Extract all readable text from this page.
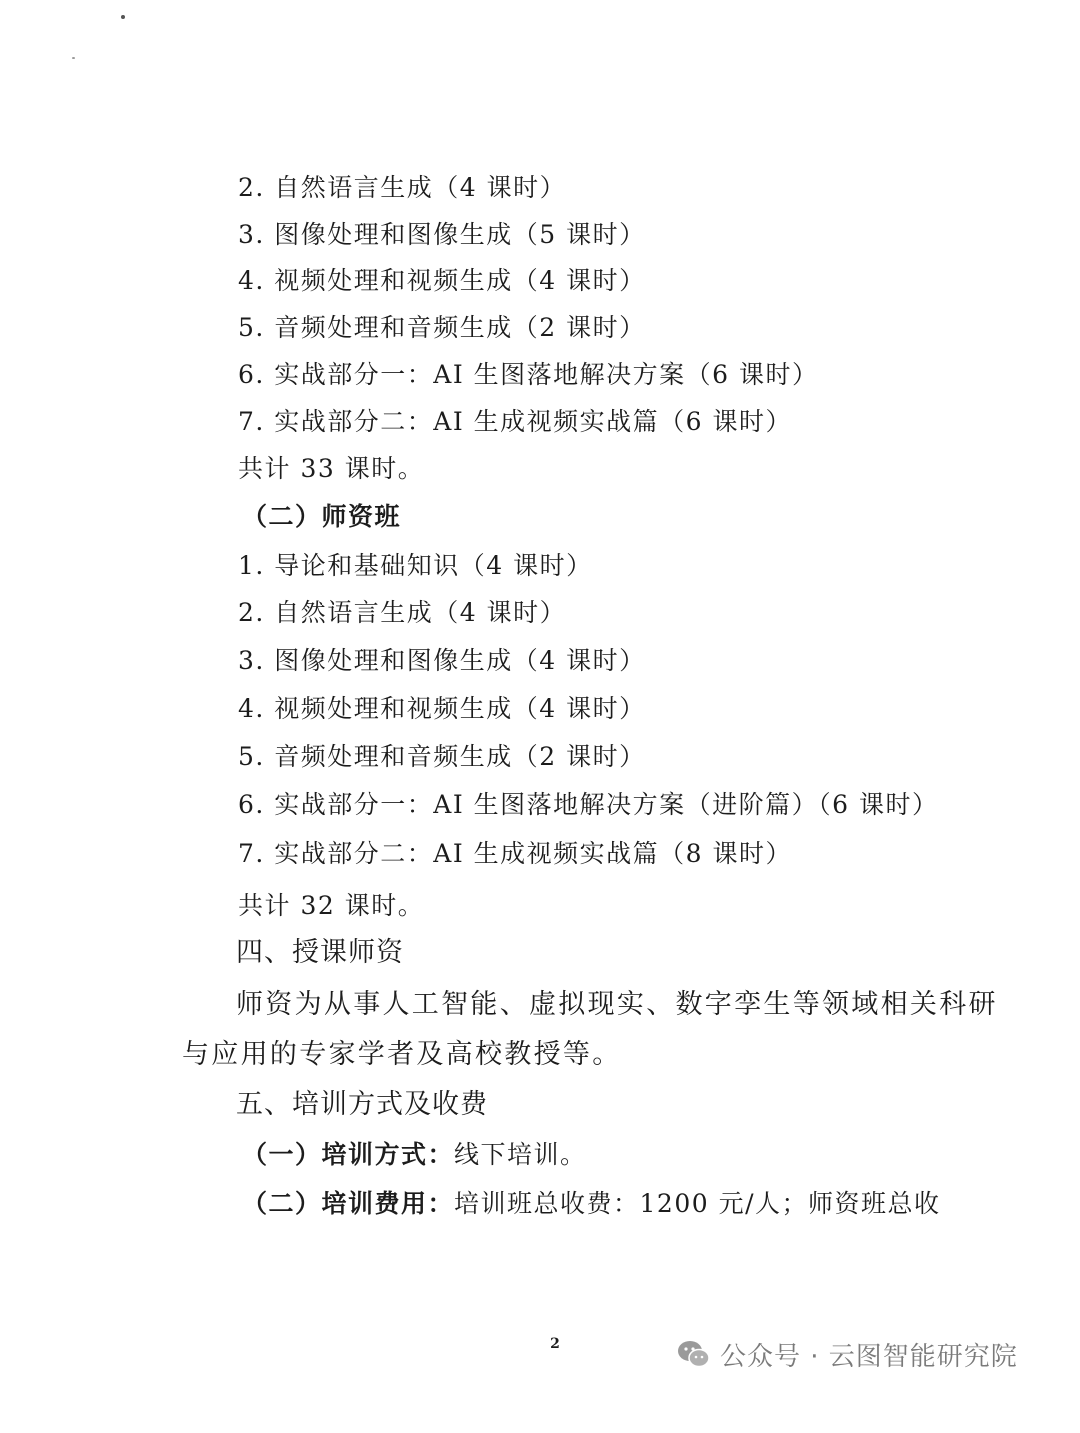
2. 自然语言生成（4 课时）
3. 图像处理和图像生成（5 课时）
4. 视频处理和视频生成（4 课时）
5. 音频处理和音频生成（2 课时）
6. 实战部分一：AI 生图落地解决方案（6 课时）
7. 实战部分二：AI 生成视频实战篇（6 课时）
共计 33 课时。
（二）师资班
1. 导论和基础知识（4 课时）
2. 自然语言生成（4 课时）
3. 图像处理和图像生成（4 课时）
4. 视频处理和视频生成（4 课时）
5. 音频处理和音频生成（2 课时）
6. 实战部分一：AI 生图落地解决方案（进阶篇）（6 课时）
7. 实战部分二：AI 生成视频实战篇（8 课时）
共计 32 课时。
四、授课师资
师资为从事人工智能、虚拟现实、数字孪生等领域相关科研
与应用的专家学者及高校教授等。
五、培训方式及收费
（一）培训方式：线下培训。
（二）培训费用：培训班总收费：1200 元/人；师资班总收
2	公众号 · 云图智能研究院
